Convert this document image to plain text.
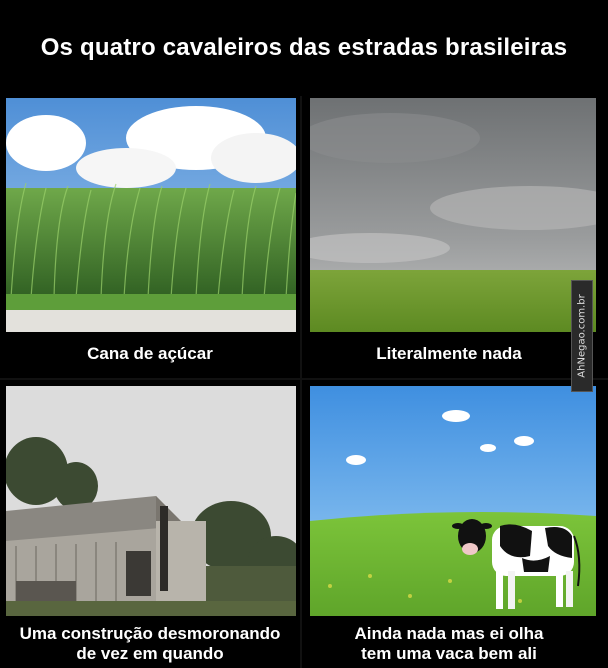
Os quatro cavaleiros das estradas brasileiras
Cana de açúcar	Literalmente nada
Uma construção desmoronando
de vez em quando
Ainda nada mas ei olha
tem uma vaca bem ali
AhNegao.com.br
